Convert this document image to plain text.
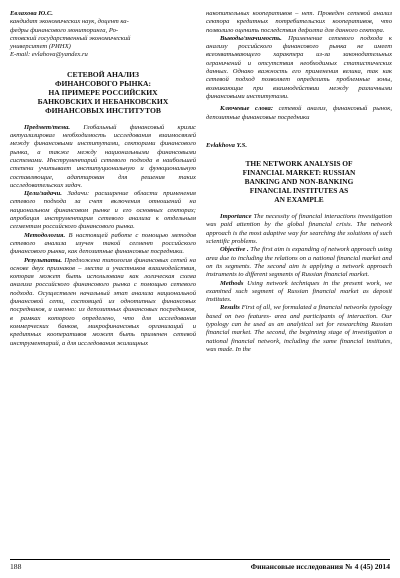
Евлахова Ю.С.
кандидат экономических наук, доцент ка-
федры финансового мониторинга, Ро-
стовский государственный экономический
университет (РИНХ)
E-mail: evlahova@yandex.ru
СЕТЕВОЙ АНАЛИЗ
ФИНАНСОВОГО РЫНКА:
НА ПРИМЕРЕ РОССИЙСКИХ
БАНКОВСКИХ И НЕБАНКОВСКИХ
ФИНАНСОВЫХ ИНСТИТУТОВ

Предмет/тема. Глобальный финансовый кризис актуализировал необходимость исследования взаимосвязей между финансовыми институтами, секторами финансового рынка, а также между национальными финансовыми системами. Инструментарий сетевого подхода в наибольшей степени учитывает институциональную и функциональную составляющие, адаптирован для решения таких исследовательских задач.

Цели/задачи. Задачи: расширение области применения сетевого подхода за счет включения отношений на национальном финансовом рынке и его основных секторах; апробация инструментария сетевого анализа к отдельным сегментам российского финансового рынка.

Методология. В настоящей работе с помощью методов сетевого анализа изучен такой сегмент российского финансового рынка, как депозитные финансовые посредники.

Результаты. Предложена типология финансовых сетей на основе двух признаков – места и участников взаимодействия, которая может быть использована как логическая схема анализа российского финансового рынка с помощью сетевого подхода. Осуществлен начальный этап анализа национальной финансовой сети, состоящей из однотипных финансовых посредников, и именно: из депозитных финансовых посредников, в рамках которого определено, что для исследования коммерческих банков, микрофинансовых организаций и кредитных кооперативов может быть применен сетевой инструментарий, а для исследования жилищных

накопительных кооперативов – нет. Проведен сетевой анализ сектора кредитных потребительских кооперативов, что позволило оценить последствия дефолта для данного сектора.

Выводы/значимость. Применение сетевого подхода к анализу российского финансового рынка не имеет всеохватывающего характера из-за законодательных ограничений и отсутствия необходимых статистических данных. Однако важность его применения велика, так как сетевой подход позволяет определить проблемные зоны, возникающие при взаимодействии между различными финансовыми институтами.

Ключевые слова: сетевой анализ, финансовый рынок, депозитные финансовые посредники

Evlakhova Y.S.
THE NETWORK ANALYSIS OF
FINANCIAL MARKET: RUSSIAN
BANKING AND NON-BANKING
FINANCIAL INSTITUTES AS
AN EXAMPLE

Importance The necessity of financial interactions investigation was paid attention by the global financial crisis. The network approach is the most adaptive way for searching the solutions of such scientific problems.

Objective . The first aim is expanding of network approach using area due to including the relations on a national financial market and on its segments. The second aim is applying a network approach instruments to different segments of Russian financial market.

Methods Using network techniques in the present work, we examined such segment of Russian financial market as deposit institutes.

Results First of all, we formulated a financial networks typology based on two features- area and participants of interaction. Our typology can be used as an analytical set for researching Russian financial market. The second, the beginning stage of investigation a national financial network, including the same financial institutes, was made. In the

188	Финансовые исследования № 4 (45) 2014
